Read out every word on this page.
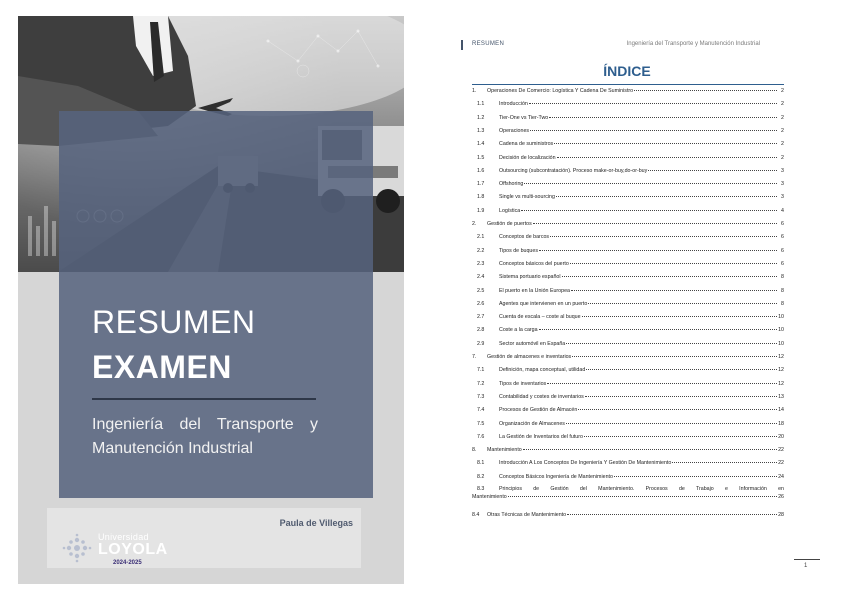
RESUMEN
EXAMEN
Ingeniería del Transporte y Manutención Industrial
Universidad
LOYOLA
2024-2025
Paula de Villegas
RESUMEN	Ingeniería del Transporte y Manutención Industrial
ÍNDICE
1.	Operaciones De Comercio: Logística Y Cadena De Suministro	2
1.1	Introducción	2
1.2	Tier-One vs Tier-Two	2
1.3	Operaciones	2
1.4	Cadena de suministros	2
1.5	Decisión de localización	2
1.6	Outsourcing (subcontratación). Proceso make-or-buy,do-or-buy	3
1.7	Offshoring	3
1.8	Single vs multi-sourcing	3
1.9	Logística	4
2.	Gestión de puertos	6
2.1	Conceptos de barcos	6
2.2	Tipos de buques	6
2.3	Conceptos básicos del puerto	6
2.4	Sistema portuario español	8
2.5	El puerto en la Unión Europea	8
2.6	Agentes que intervienen en un puerto	8
2.7	Cuenta de escala – coste al buque	10
2.8	Coste a la carga	10
2.9	Sector automóvil en España	10
7.	Gestión de almacenes e inventarios	12
7.1	Definición, mapa conceptual, utilidad	12
7.2	Tipos de inventarios	12
7.3	Contabilidad y costes de inventarios	13
7.4	Procesos de Gestión de Almacén	14
7.5	Organización de Almacenes	18
7.6	La Gestión de Inventarios del futuro	20
8.	Mantenimiento	22
8.1	Introducción A Los Conceptos De Ingeniería Y Gestión De Mantenimiento	22
8.2	Conceptos Básicos Ingeniería de Mantenimiento	24
8.3	Principios de Gestión del Mantenimiento. Procesos de Trabajo e Información en
Mantenimiento	26
8.4	Otras Técnicas de Mantenimiento	28
1
